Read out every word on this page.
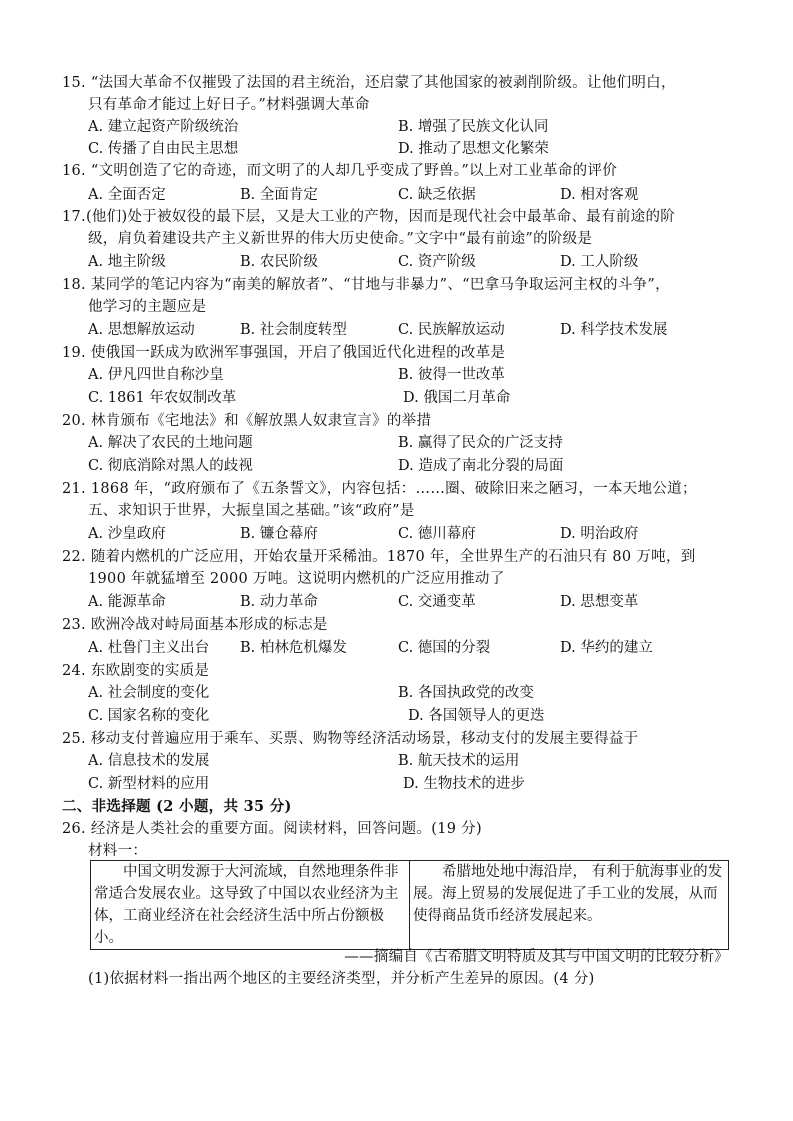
15. “法国大革命不仅摧毁了法国的君主统治，还启蒙了其他国家的被剥削阶级。让他们明白，
只有革命才能过上好日子。”材料强调大革命
A. 建立起资产阶级统治	B. 增强了民族文化认同
C. 传播了自由民主思想	D. 推动了思想文化繁荣
16. “文明创造了它的奇迹，而文明了的人却几乎变成了野兽。”以上对工业革命的评价
A. 全面否定	B. 全面肯定	C. 缺乏依据	D. 相对客观
17.(他们)处于被奴役的最下层，又是大工业的产物，因而是现代社会中最革命、最有前途的阶
级，肩负着建设共产主义新世界的伟大历史使命。”文字中“最有前途”的阶级是
A. 地主阶级	B. 农民阶级	C. 资产阶级	D. 工人阶级
18. 某同学的笔记内容为“南美的解放者”、“甘地与非暴力”、“巴拿马争取运河主权的斗争”，
他学习的主题应是
A. 思想解放运动	B. 社会制度转型	C. 民族解放运动	D. 科学技术发展
19. 使俄国一跃成为欧洲军事强国，开启了俄国近代化进程的改革是
A. 伊凡四世自称沙皇	B. 彼得一世改革
C. 1861 年农奴制改革	D. 俄国二月革命
20. 林肯颁布《宅地法》和《解放黑人奴隶宣言》的举措
A. 解决了农民的土地问题	B. 赢得了民众的广泛支持
C. 彻底消除对黑人的歧视	D. 造成了南北分裂的局面
21. 1868 年，“政府颁布了《五条誓文》，内容包括：……圈、破除旧来之陋习，一本天地公道；
五、求知识于世界，大振皇国之基础。”该“政府”是
A. 沙皇政府	B. 镰仓幕府	C. 德川幕府	D. 明治政府
22. 随着内燃机的广泛应用，开始农量开采稀油。1870 年，全世界生产的石油只有 80 万吨，到
1900 年就猛增至 2000 万吨。这说明内燃机的广泛应用推动了
A. 能源革命	B. 动力革命	C. 交通变革	D. 思想变革
23. 欧洲冷战对峙局面基本形成的标志是
A. 杜鲁门主义出台 B. 柏林危机爆发	C. 德国的分裂	D. 华约的建立
24. 东欧剧变的实质是
A. 社会制度的变化	B. 各国执政党的改变
C. 国家名称的变化	D. 各国领导人的更迭
25. 移动支付普遍应用于乘车、买票、购物等经济活动场景，移动支付的发展主要得益于
A. 信息技术的发展	B. 航天技术的运用
C. 新型材料的应用	D. 生物技术的进步
二、非选择题 (2 小题，共 35 分)
26. 经济是人类社会的重要方面。阅读材料，回答问题。(19 分)
材料一：
中国文明发源于大河流域，自然地理条件非常适合发展农业。这导致了中国以农业经济为主体，工商业经济在社会经济生活中所占份额极小。	希腊地处地中海沿岸， 有利于航海事业的发展。海上贸易的发展促进了手工业的发展，从而使得商品货币经济发展起来。
——摘编自《古希腊文明特质及其与中国文明的比较分析》
(1)依据材料一指出两个地区的主要经济类型，并分析产生差异的原因。(4 分)
